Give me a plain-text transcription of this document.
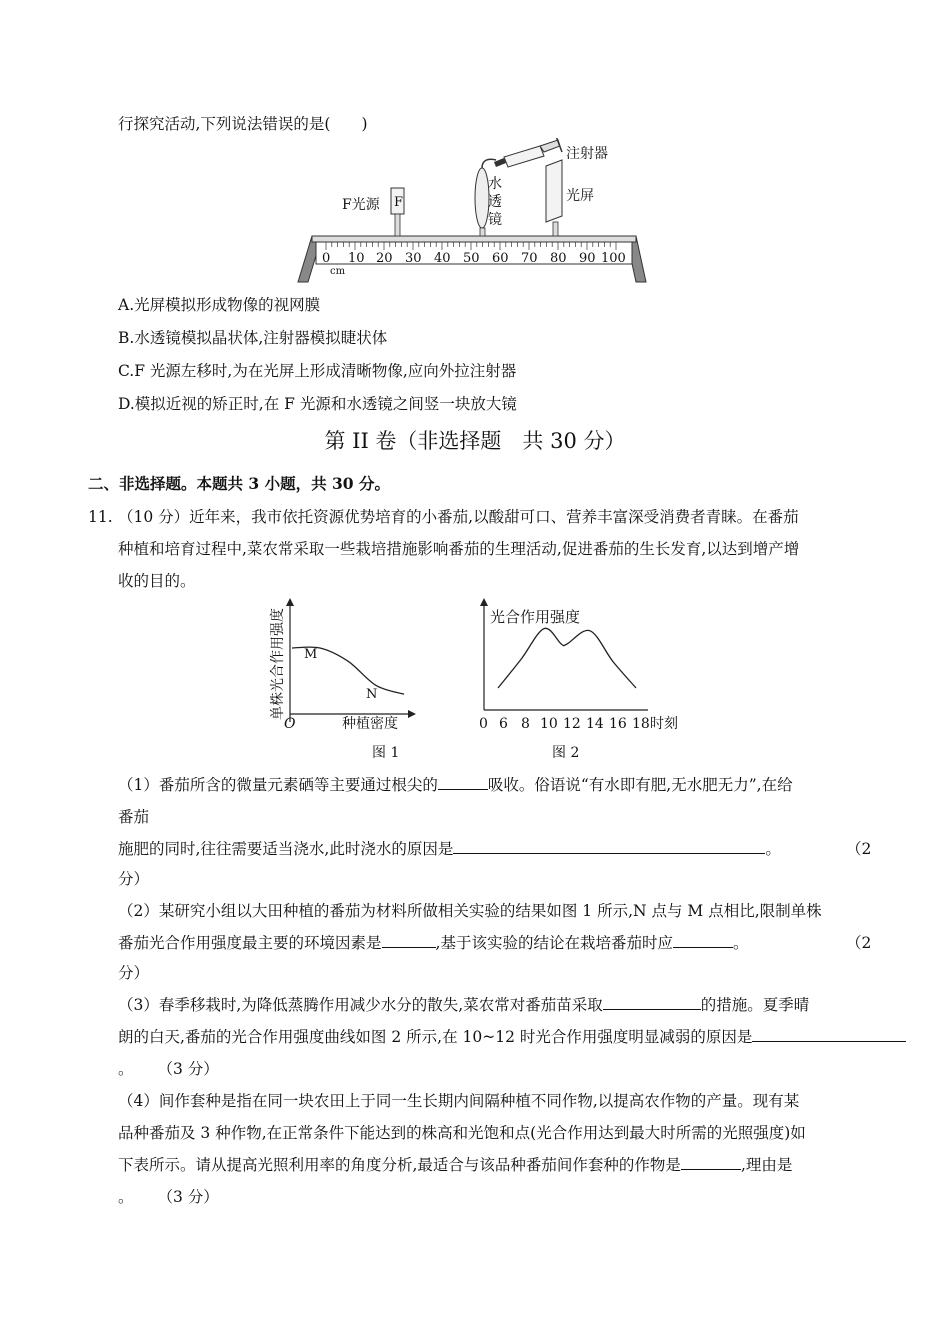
行探究活动,下列说法错误的是(　　)
0 10 20 30 40 50 60 70 80 90 100
cm
F
F光源
水
透
镜
注射器
光屏
A.光屏模拟形成物像的视网膜
B.水透镜模拟晶状体,注射器模拟睫状体
C.F 光源左移时,为在光屏上形成清晰物像,应向外拉注射器
D.模拟近视的矫正时,在 F 光源和水透镜之间竖一块放大镜
第 II 卷（非选择题　共 30 分）
二、非选择题。本题共 3 小题，共 30 分。
11. （10 分）近年来，我市依托资源优势培育的小番茄,以酸甜可口、营养丰富深受消费者青睐。在番茄
种植和培育过程中,菜农常采取一些栽培措施影响番茄的生理活动,促进番茄的生长发育,以达到增产增
收的目的。
M
N
O	种植密度
单株光合作用强度
图 1
光合作用强度
0 6 8 10 12 14 16 18 时刻
图 2
（1）番茄所含的微量元素硒等主要通过根尖的	吸收。俗语说“有水即有肥,无水肥无力”,在给
番茄
施肥的同时,往往需要适当浇水,此时浇水的原因是	。	（2
分）
（2）某研究小组以大田种植的番茄为材料所做相关实验的结果如图 1 所示,N 点与 M 点相比,限制单株
番茄光合作用强度最主要的环境因素是	,基于该实验的结论在栽培番茄时应	。	（2
分）
（3）春季移栽时,为降低蒸腾作用减少水分的散失,菜农常对番茄苗采取	的措施。夏季晴
朗的白天,番茄的光合作用强度曲线如图 2 所示,在 10~12 时光合作用强度明显减弱的原因是
。 （3 分）
（4）间作套种是指在同一块农田上于同一生长期内间隔种植不同作物,以提高农作物的产量。现有某
品种番茄及 3 种作物,在正常条件下能达到的株高和光饱和点(光合作用达到最大时所需的光照强度)如
下表所示。请从提高光照利用率的角度分析,最适合与该品种番茄间作套种的作物是	,理由是
。 （3 分）
